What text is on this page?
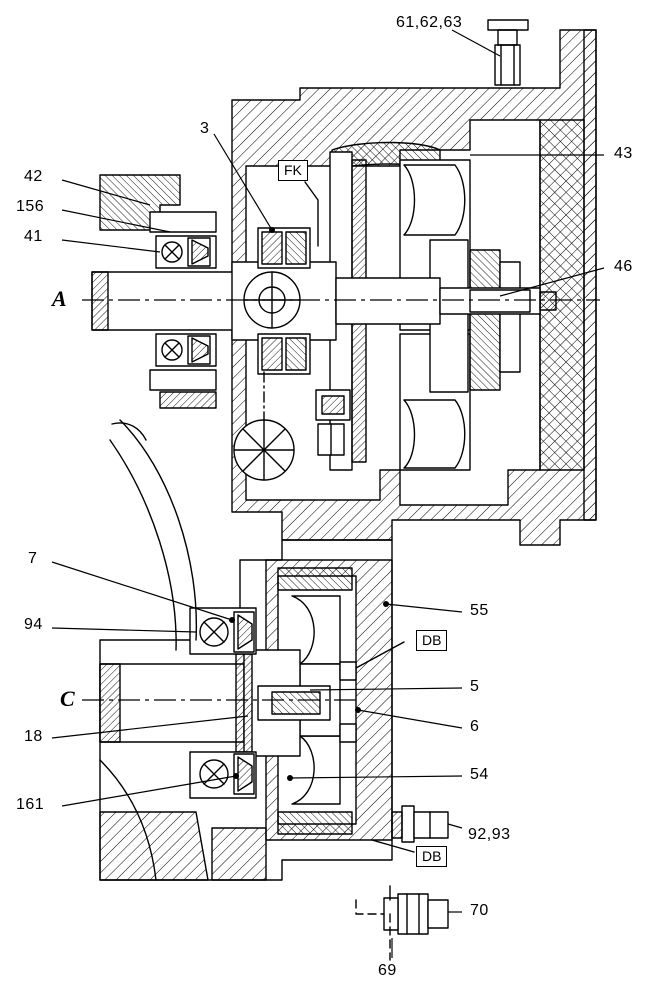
61,62,63
3
43
42
156
41
46
7
55
94
5
6
18
54
161
92,93
70
69
A
C
FK
DB
DB
